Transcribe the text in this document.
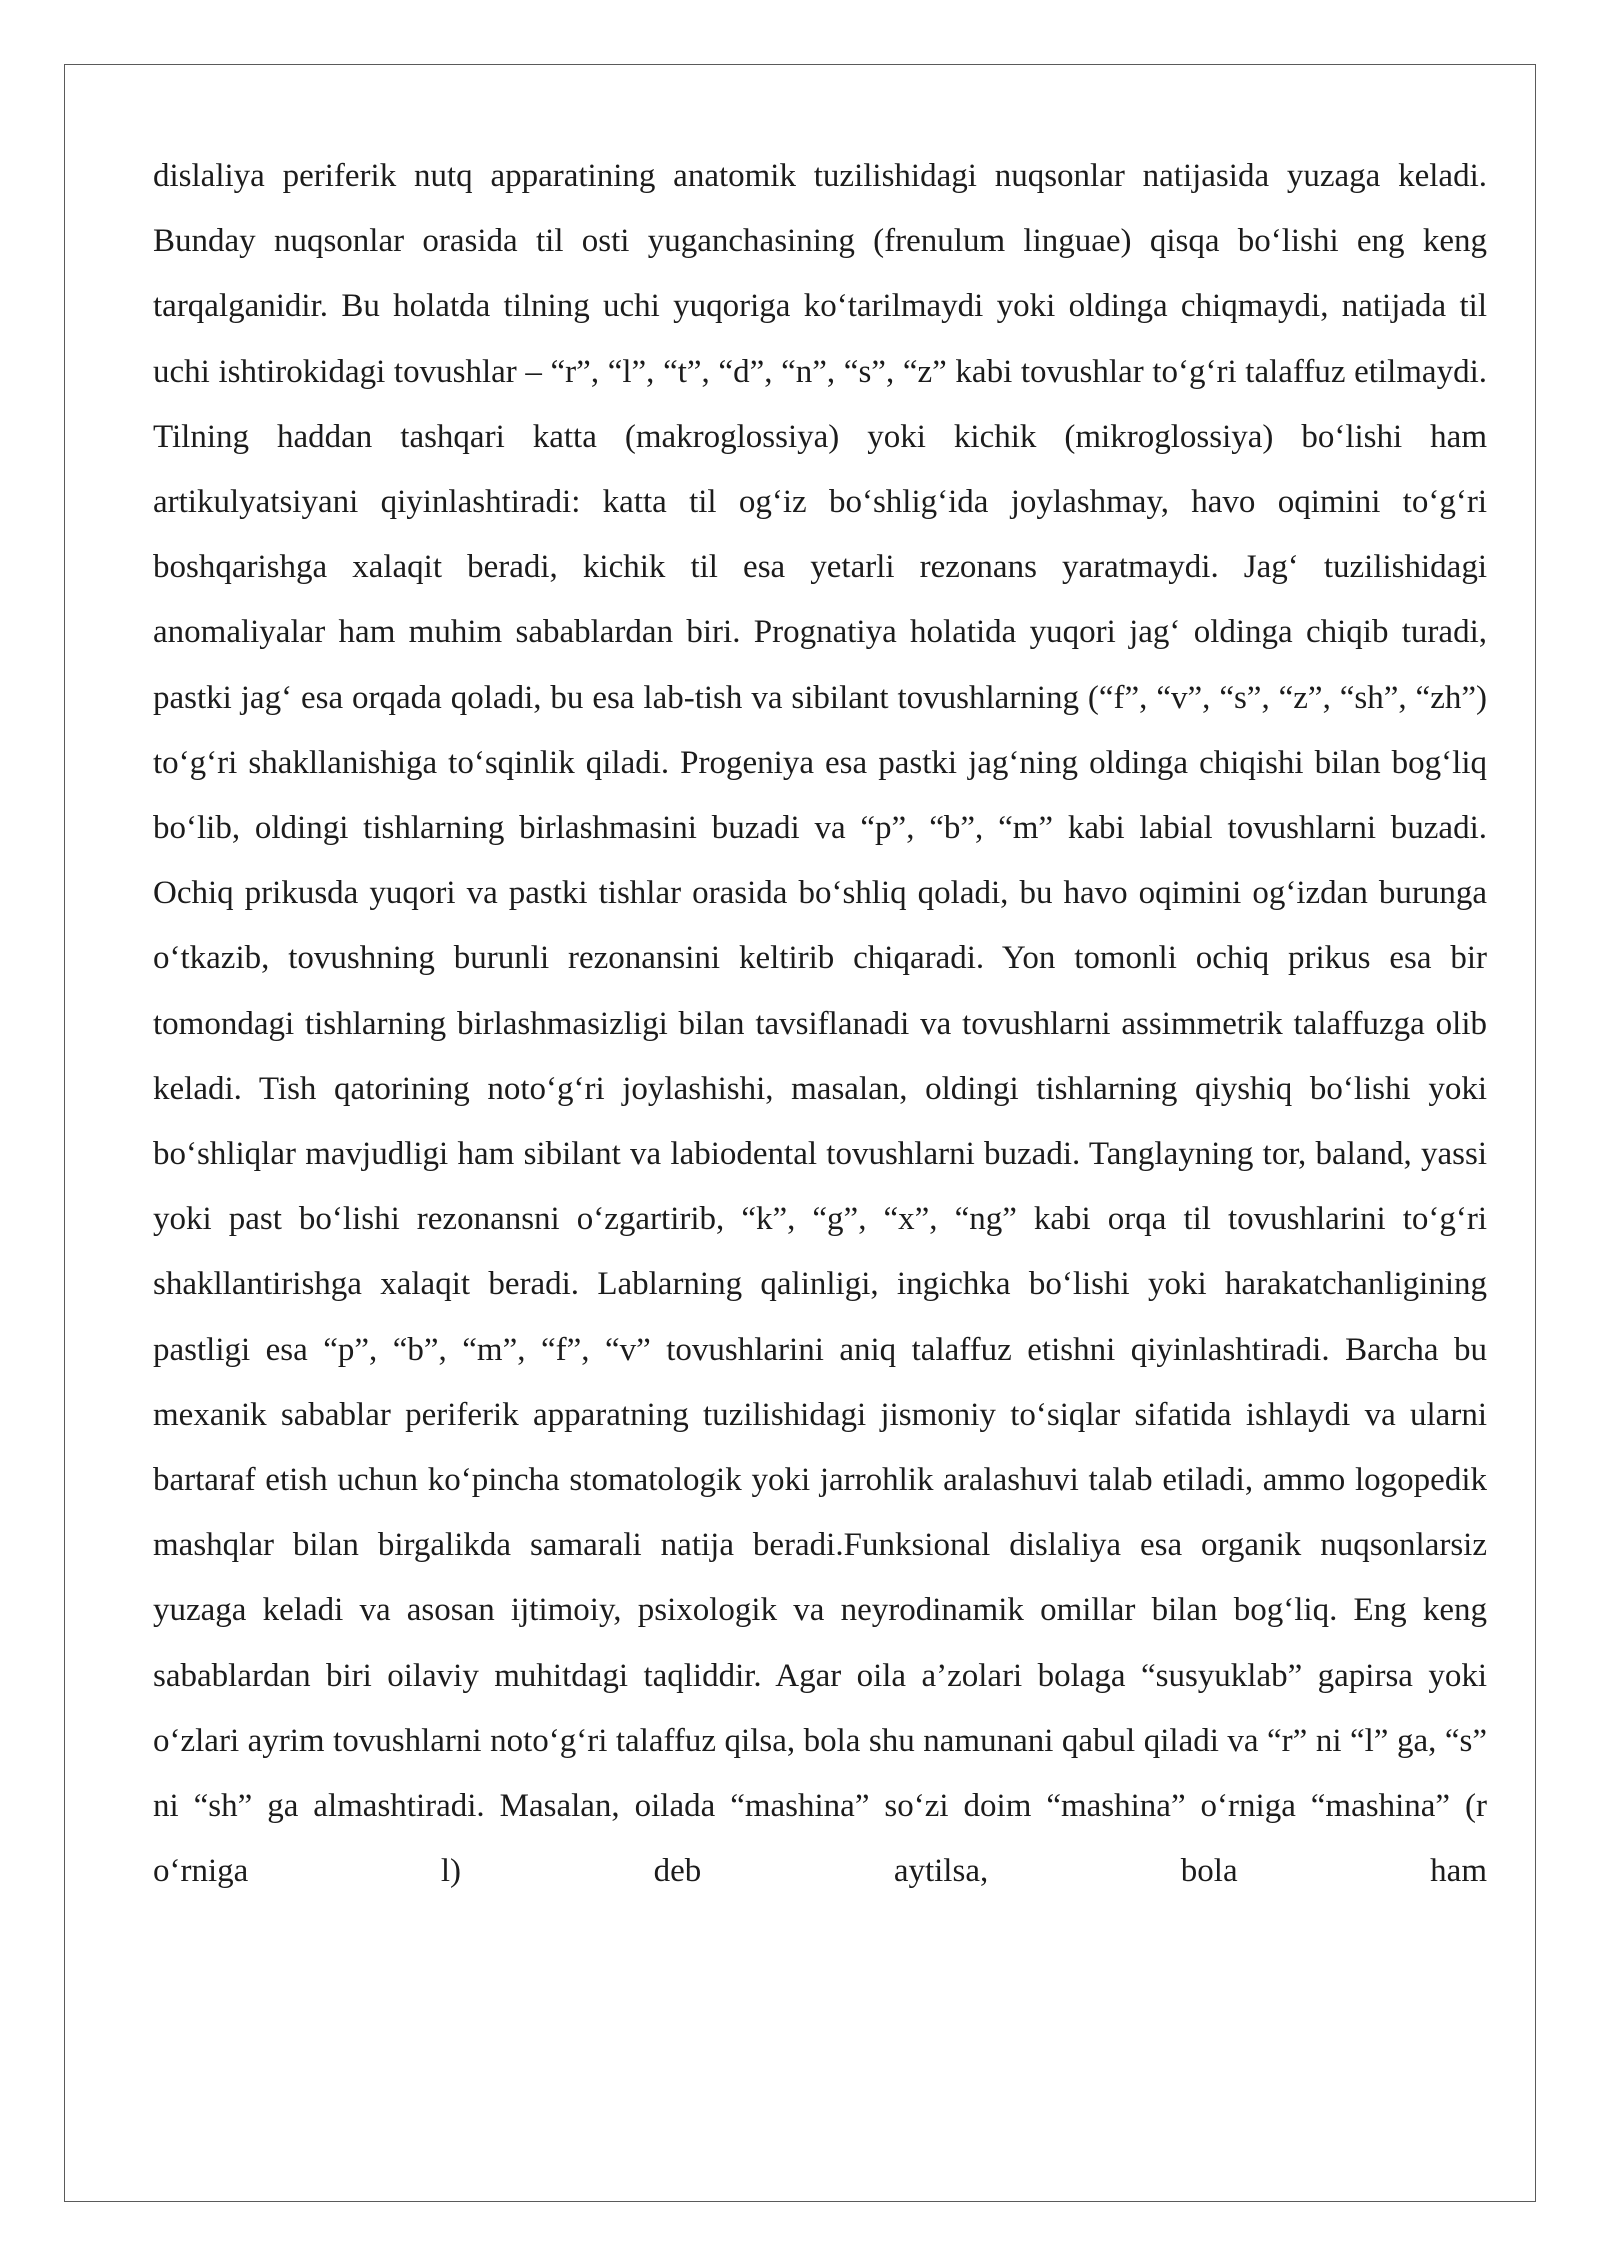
dislaliya periferik nutq apparatining anatomik tuzilishidagi nuqsonlar natijasida yuzaga keladi. Bunday nuqsonlar orasida til osti yuganchasining (frenulum linguae) qisqa boʻlishi eng keng tarqalganidir. Bu holatda tilning uchi yuqoriga koʻtarilmaydi yoki oldinga chiqmaydi, natijada til uchi ishtirokidagi tovushlar – “r”, “l”, “t”, “d”, “n”, “s”, “z” kabi tovushlar toʻgʻri talaffuz etilmaydi. Tilning haddan tashqari katta (makroglossiya) yoki kichik (mikroglossiya) boʻlishi ham artikulyatsiyani qiyinlashtiradi: katta til ogʻiz boʻshligʻida joylashmay, havo oqimini toʻgʻri boshqarishga xalaqit beradi, kichik til esa yetarli rezonans yaratmaydi. Jagʻ tuzilishidagi anomaliyalar ham muhim sabablardan biri. Prognatiya holatida yuqori jagʻ oldinga chiqib turadi, pastki jagʻ esa orqada qoladi, bu esa lab-tish va sibilant tovushlarning (“f”, “v”, “s”, “z”, “sh”, “zh”) toʻgʻri shakllanishiga toʻsqinlik qiladi. Progeniya esa pastki jagʻning oldinga chiqishi bilan bogʻliq boʻlib, oldingi tishlarning birlashmasini buzadi va “p”, “b”, “m” kabi labial tovushlarni buzadi. Ochiq prikusda yuqori va pastki tishlar orasida boʻshliq qoladi, bu havo oqimini ogʻizdan burunga oʻtkazib, tovushning burunli rezonansini keltirib chiqaradi. Yon tomonli ochiq prikus esa bir tomondagi tishlarning birlashmasizligi bilan tavsiflanadi va tovushlarni assimmetrik talaffuzga olib keladi. Tish qatorining notoʻgʻri joylashishi, masalan, oldingi tishlarning qiyshiq boʻlishi yoki boʻshliqlar mavjudligi ham sibilant va labiodental tovushlarni buzadi. Tanglayning tor, baland, yassi yoki past boʻlishi rezonansni oʻzgartirib, “k”, “g”, “x”, “ng” kabi orqa til tovushlarini toʻgʻri shakllantirishga xalaqit beradi. Lablarning qalinligi, ingichka boʻlishi yoki harakatchanligining pastligi esa “p”, “b”, “m”, “f”, “v” tovushlarini aniq talaffuz etishni qiyinlashtiradi. Barcha bu mexanik sabablar periferik apparatning tuzilishidagi jismoniy toʻsiqlar sifatida ishlaydi va ularni bartaraf etish uchun koʻpincha stomatologik yoki jarrohlik aralashuvi talab etiladi, ammo logopedik mashqlar bilan birgalikda samarali natija beradi.Funksional dislaliya esa organik nuqsonlarsiz yuzaga keladi va asosan ijtimoiy, psixologik va neyrodinamik omillar bilan bogʻliq. Eng keng sabablardan biri oilaviy muhitdagi taqliddir. Agar oila a’zolari bolaga “susyuklab” gapirsa yoki oʻzlari ayrim tovushlarni notoʻgʻri talaffuz qilsa, bola shu namunani qabul qiladi va “r” ni “l” ga, “s” ni “sh” ga almashtiradi. Masalan, oilada “mashina” soʻzi doim “mashina” oʻrniga “mashina” (r oʻrniga l) deb aytilsa, bola ham
